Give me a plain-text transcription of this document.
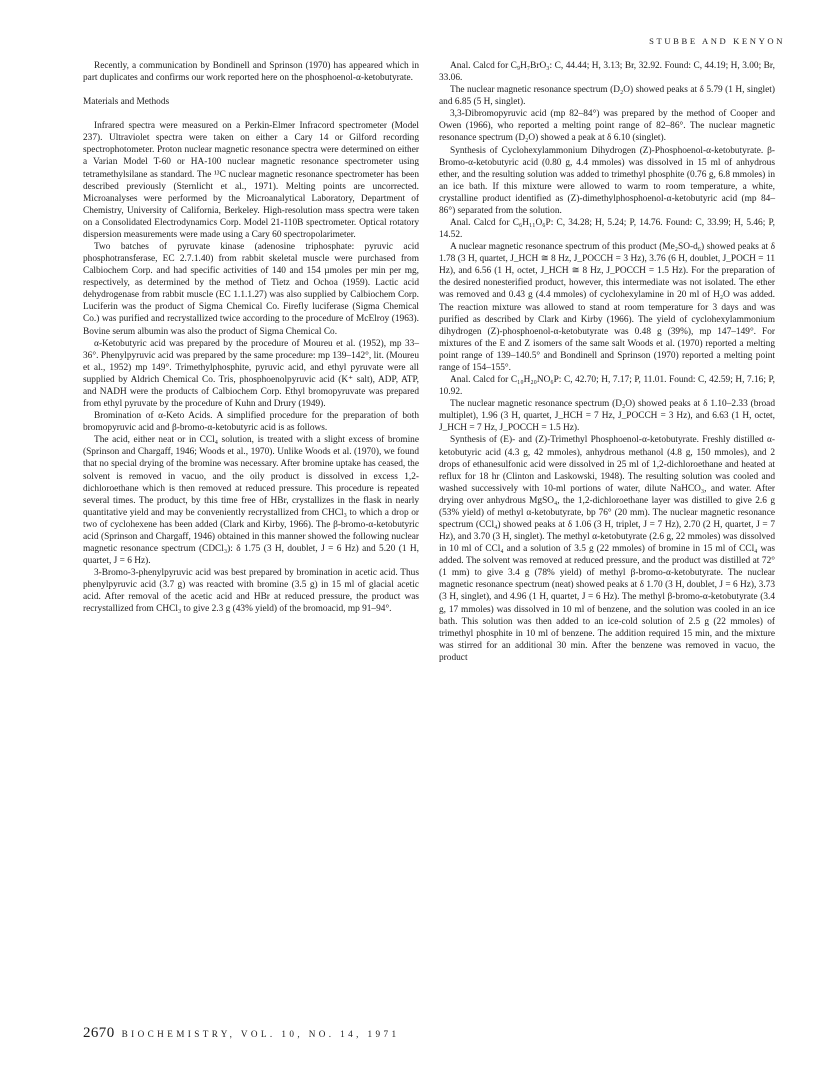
STUBBE AND KENYON

Recently, a communication by Bondinell and Sprinson (1970) has appeared which in part duplicates and confirms our work reported here on the phosphoenol-α-ketobutyrate.

Materials and Methods

Infrared spectra were measured on a Perkin-Elmer Infracord spectrometer (Model 237). Ultraviolet spectra were taken on either a Cary 14 or Gilford recording spectrophotometer. Proton nuclear magnetic resonance spectra were determined on either a Varian Model T-60 or HA-100 nuclear magnetic resonance spectrometer using tetramethylsilane as standard. The ¹³C nuclear magnetic resonance spectrometer has been described previously (Sternlicht et al., 1971). Melting points are uncorrected. Microanalyses were performed by the Microanalytical Laboratory, Department of Chemistry, University of California, Berkeley. High-resolution mass spectra were taken on a Consolidated Electrodynamics Corp. Model 21-110B spectrometer. Optical rotatory dispersion measurements were made using a Cary 60 spectropolarimeter.

Two batches of pyruvate kinase (adenosine triphosphate: pyruvic acid phosphotransferase, EC 2.7.1.40) from rabbit skeletal muscle were purchased from Calbiochem Corp. and had specific activities of 140 and 154 µmoles per min per mg, respectively, as determined by the method of Tietz and Ochoa (1959). Lactic acid dehydrogenase from rabbit muscle (EC 1.1.1.27) was also supplied by Calbiochem Corp. Luciferin was the product of Sigma Chemical Co. Firefly luciferase (Sigma Chemical Co.) was purified and recrystallized twice according to the procedure of McElroy (1963). Bovine serum albumin was also the product of Sigma Chemical Co.

α-Ketobutyric acid was prepared by the procedure of Moureu et al. (1952), mp 33–36°. Phenylpyruvic acid was prepared by the same procedure: mp 139–142°, lit. (Moureu et al., 1952) mp 149°. Trimethylphosphite, pyruvic acid, and ethyl pyruvate were all supplied by Aldrich Chemical Co. Tris, phosphoenolpyruvic acid (K⁺ salt), ADP, ATP, and NADH were the products of Calbiochem Corp. Ethyl bromopyruvate was prepared from ethyl pyruvate by the procedure of Kuhn and Drury (1949).

Bromination of α-Keto Acids. A simplified procedure for the preparation of both bromopyruvic acid and β-bromo-α-ketobutyric acid is as follows.

The acid, either neat or in CCl₄ solution, is treated with a slight excess of bromine (Sprinson and Chargaff, 1946; Woods et al., 1970). Unlike Woods et al. (1970), we found that no special drying of the bromine was necessary. After bromine uptake has ceased, the solvent is removed in vacuo, and the oily product is dissolved in excess 1,2-dichloroethane which is then removed at reduced pressure. This procedure is repeated several times. The product, by this time free of HBr, crystallizes in the flask in nearly quantitative yield and may be conveniently recrystallized from CHCl₃ to which a drop or two of cyclohexene has been added (Clark and Kirby, 1966). The β-bromo-α-ketobutyric acid (Sprinson and Chargaff, 1946) obtained in this manner showed the following nuclear magnetic resonance spectrum (CDCl₃): δ 1.75 (3 H, doublet, J = 6 Hz) and 5.20 (1 H, quartet, J = 6 Hz).

3-Bromo-3-phenylpyruvic acid was best prepared by bromination in acetic acid. Thus phenylpyruvic acid (3.7 g) was reacted with bromine (3.5 g) in 15 ml of glacial acetic acid. After removal of the acetic acid and HBr at reduced pressure, the product was recrystallized from CHCl₃ to give 2.3 g (43% yield) of the bromoacid, mp 91–94°.

Anal. Calcd for C₉H₇BrO₃: C, 44.44; H, 3.13; Br, 32.92. Found: C, 44.19; H, 3.00; Br, 33.06.

The nuclear magnetic resonance spectrum (D₂O) showed peaks at δ 5.79 (1 H, singlet) and 6.85 (5 H, singlet).

3,3-Dibromopyruvic acid (mp 82–84°) was prepared by the method of Cooper and Owen (1966), who reported a melting point range of 82–86°. The nuclear magnetic resonance spectrum (D₂O) showed a peak at δ 6.10 (singlet).

Synthesis of Cyclohexylammonium Dihydrogen (Z)-Phosphoenol-α-ketobutyrate. β-Bromo-α-ketobutyric acid (0.80 g, 4.4 mmoles) was dissolved in 15 ml of anhydrous ether, and the resulting solution was added to trimethyl phosphite (0.76 g, 6.8 mmoles) in an ice bath. If this mixture were allowed to warm to room temperature, a white, crystalline product identified as (Z)-dimethylphosphoenol-α-ketobutyric acid (mp 84–86°) separated from the solution.

Anal. Calcd for C₆H₁₁O₆P: C, 34.28; H, 5.24; P, 14.76. Found: C, 33.99; H, 5.46; P, 14.52.

A nuclear magnetic resonance spectrum of this product (Me₂SO-d₆) showed peaks at δ 1.78 (3 H, quartet, J_HCH ≅ 8 Hz, J_POCCH = 3 Hz), 3.76 (6 H, doublet, J_POCH = 11 Hz), and 6.56 (1 H, octet, J_HCH ≅ 8 Hz, J_POCCH = 1.5 Hz). For the preparation of the desired nonesterified product, however, this intermediate was not isolated. The ether was removed and 0.43 g (4.4 mmoles) of cyclohexylamine in 20 ml of H₂O was added. The reaction mixture was allowed to stand at room temperature for 3 days and was purified as described by Clark and Kirby (1966). The yield of cyclohexylammonium dihydrogen (Z)-phosphoenol-α-ketobutyrate was 0.48 g (39%), mp 147–149°. For mixtures of the E and Z isomers of the same salt Woods et al. (1970) reported a melting point range of 139–140.5° and Bondinell and Sprinson (1970) reported a melting point range of 154–155°.

Anal. Calcd for C₁₀H₂₀NO₆P: C, 42.70; H, 7.17; P, 11.01. Found: C, 42.59; H, 7.16; P, 10.92.

The nuclear magnetic resonance spectrum (D₂O) showed peaks at δ 1.10–2.33 (broad multiplet), 1.96 (3 H, quartet, J_HCH = 7 Hz, J_POCCH = 3 Hz), and 6.63 (1 H, octet, J_HCH = 7 Hz, J_POCCH = 1.5 Hz).

Synthesis of (E)- and (Z)-Trimethyl Phosphoenol-α-ketobutyrate. Freshly distilled α-ketobutyric acid (4.3 g, 42 mmoles), anhydrous methanol (4.8 g, 150 mmoles), and 2 drops of ethanesulfonic acid were dissolved in 25 ml of 1,2-dichloroethane and heated at reflux for 18 hr (Clinton and Laskowski, 1948). The resulting solution was cooled and washed successively with 10-ml portions of water, dilute NaHCO₃, and water. After drying over anhydrous MgSO₄, the 1,2-dichloroethane layer was distilled to give 2.6 g (53% yield) of methyl α-ketobutyrate, bp 76° (20 mm). The nuclear magnetic resonance spectrum (CCl₄) showed peaks at δ 1.06 (3 H, triplet, J = 7 Hz), 2.70 (2 H, quartet, J = 7 Hz), and 3.70 (3 H, singlet). The methyl α-ketobutyrate (2.6 g, 22 mmoles) was dissolved in 10 ml of CCl₄ and a solution of 3.5 g (22 mmoles) of bromine in 15 ml of CCl₄ was added. The solvent was removed at reduced pressure, and the product was distilled at 72° (1 mm) to give 3.4 g (78% yield) of methyl β-bromo-α-ketobutyrate. The nuclear magnetic resonance spectrum (neat) showed peaks at δ 1.70 (3 H, doublet, J = 6 Hz), 3.73 (3 H, singlet), and 4.96 (1 H, quartet, J = 6 Hz). The methyl β-bromo-α-ketobutyrate (3.4 g, 17 mmoles) was dissolved in 10 ml of benzene, and the solution was cooled in an ice bath. This solution was then added to an ice-cold solution of 2.5 g (22 mmoles) of trimethyl phosphite in 10 ml of benzene. The addition required 15 min, and the mixture was stirred for an additional 30 min. After the benzene was removed in vacuo, the product

2670 BIOCHEMISTRY, VOL. 10, NO. 14, 1971
